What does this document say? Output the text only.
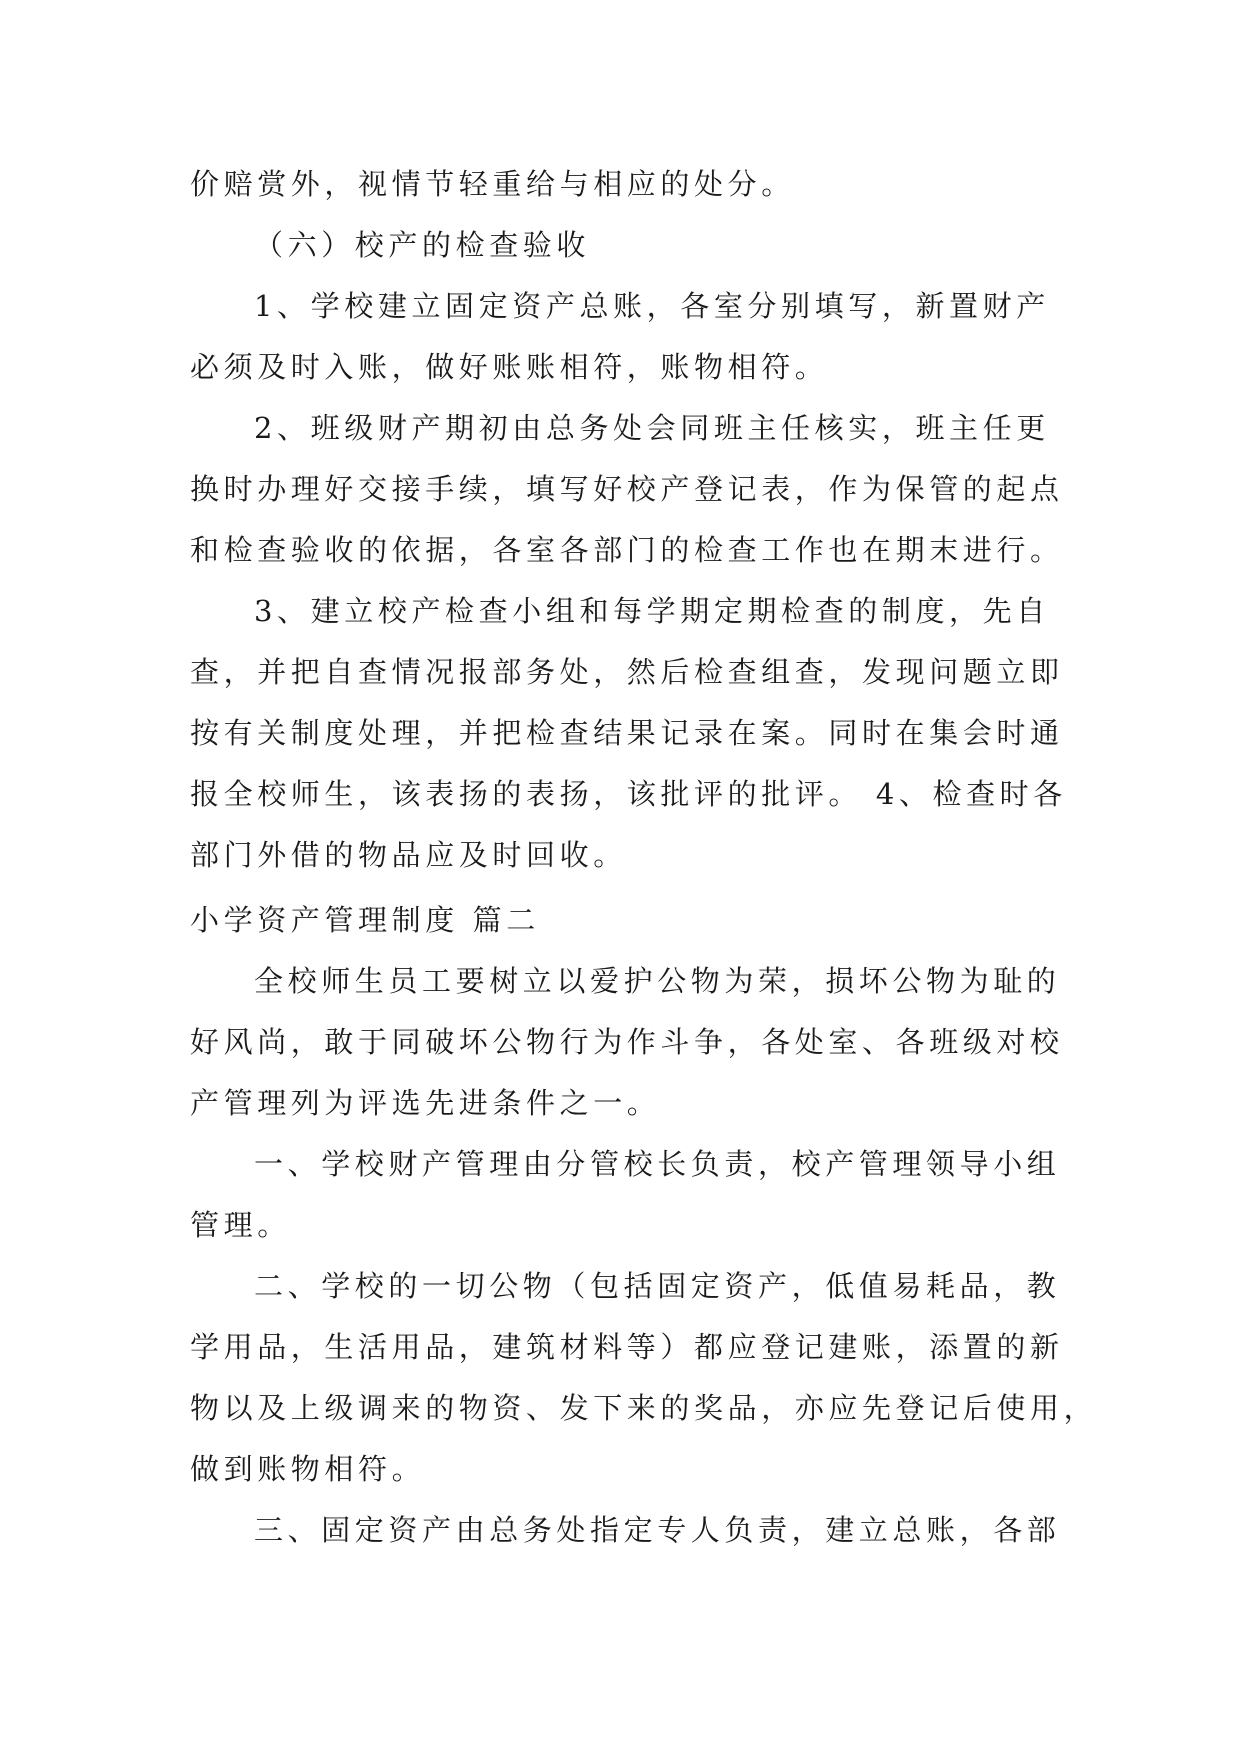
价赔赏外，视情节轻重给与相应的处分。
（六）校产的检查验收
1、学校建立固定资产总账，各室分别填写，新置财产
必须及时入账，做好账账相符，账物相符。
2、班级财产期初由总务处会同班主任核实，班主任更
换时办理好交接手续，填写好校产登记表，作为保管的起点
和检查验收的依据，各室各部门的检查工作也在期末进行。
3、建立校产检查小组和每学期定期检查的制度，先自
查，并把自查情况报部务处，然后检查组查，发现问题立即
按有关制度处理，并把检查结果记录在案。同时在集会时通
报全校师生，该表扬的表扬，该批评的批评。 4、检查时各
部门外借的物品应及时回收。
小学资产管理制度 篇二
全校师生员工要树立以爱护公物为荣，损坏公物为耻的
好风尚，敢于同破坏公物行为作斗争，各处室、各班级对校
产管理列为评选先进条件之一。
一、学校财产管理由分管校长负责，校产管理领导小组
管理。
二、学校的一切公物（包括固定资产，低值易耗品，教
学用品，生活用品，建筑材料等）都应登记建账，添置的新
物以及上级调来的物资、发下来的奖品，亦应先登记后使用，
做到账物相符。
三、固定资产由总务处指定专人负责，建立总账，各部
